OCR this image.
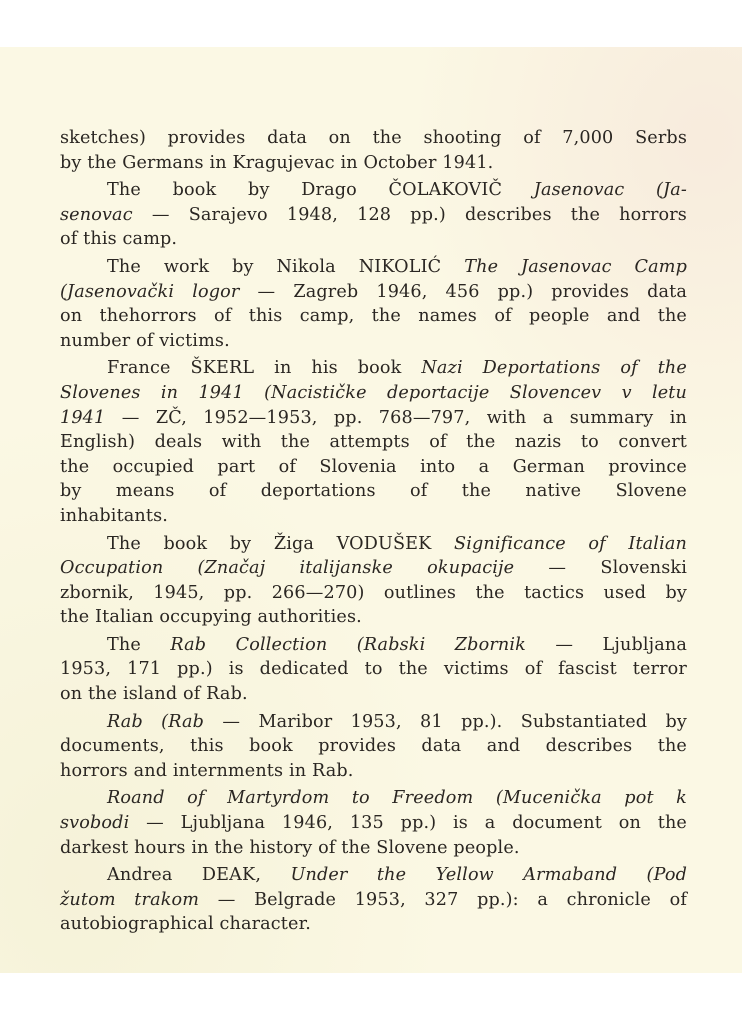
sketches) provides data on the shooting of 7,000 Serbs
by the Germans in Kragujevac in October 1941.
The book by Drago ČOLAKOVIČ Jasenovac (Ja-
senovac — Sarajevo 1948, 128 pp.) describes the horrors
of this camp.
The work by Nikola NIKOLIĆ The Jasenovac Camp
(Jasenovački logor — Zagreb 1946, 456 pp.) provides data
on thehorrors of this camp, the names of people and the
number of victims.
France ŠKERL in his book Nazi Deportations of the
Slovenes in 1941 (Nacističke deportacije Slovencev v letu
1941 — ZČ, 1952—1953, pp. 768—797, with a summary in
English) deals with the attempts of the nazis to convert
the occupied part of Slovenia into a German province
by means of deportations of the native Slovene
inhabitants.
The book by Žiga VODUŠEK Significance of Italian
Occupation (Značaj italijanske okupacije — Slovenski
zbornik, 1945, pp. 266—270) outlines the tactics used by
the Italian occupying authorities.
The Rab Collection (Rabski Zbornik — Ljubljana
1953, 171 pp.) is dedicated to the victims of fascist terror
on the island of Rab.
Rab (Rab — Maribor 1953, 81 pp.). Substantiated by
documents, this book provides data and describes the
horrors and internments in Rab.
Roand of Martyrdom to Freedom (Mucenička pot k
svobodi — Ljubljana 1946, 135 pp.) is a document on the
darkest hours in the history of the Slovene people.
Andrea DEAK, Under the Yellow Armaband (Pod
žutom trakom — Belgrade 1953, 327 pp.): a chronicle of
autobiographical character.
